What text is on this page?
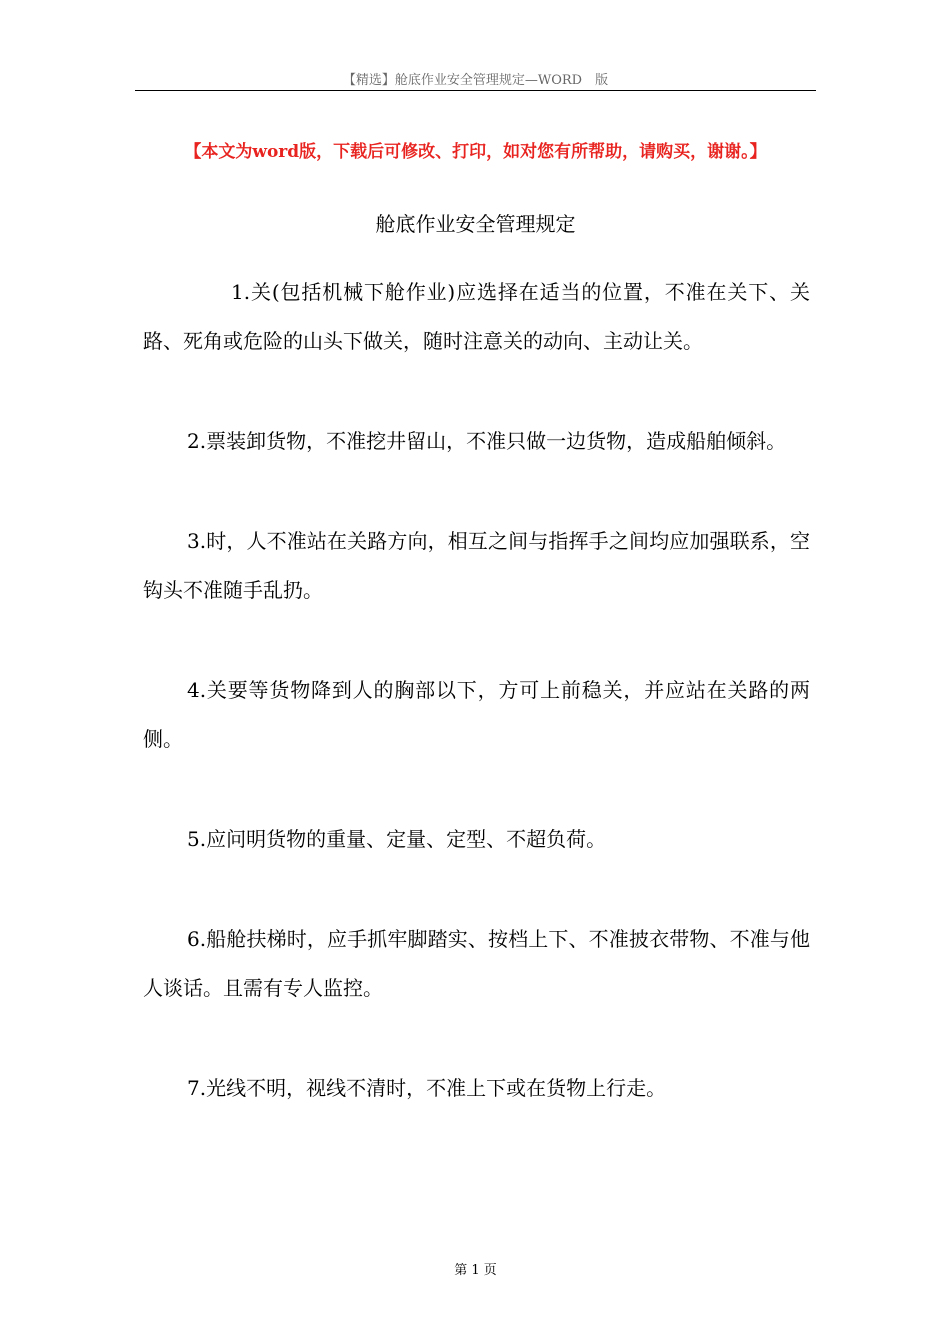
【精选】舱底作业安全管理规定—WORD　版
【本文为word版，下载后可修改、打印，如对您有所帮助，请购买，谢谢。】
舱底作业安全管理规定

1.关(包括机械下舱作业)应选择在适当的位置，不准在关下、关路、死角或危险的山头下做关，随时注意关的动向、主动让关。

2.票装卸货物，不准挖井留山，不准只做一边货物，造成船舶倾斜。

3.时，人不准站在关路方向，相互之间与指挥手之间均应加强联系，空钩头不准随手乱扔。

4.关要等货物降到人的胸部以下，方可上前稳关，并应站在关路的两侧。

5.应问明货物的重量、定量、定型、不超负荷。

6.船舱扶梯时，应手抓牢脚踏实、按档上下、不准披衣带物、不准与他人谈话。且需有专人监控。

7.光线不明，视线不清时，不准上下或在货物上行走。

第 1 页
